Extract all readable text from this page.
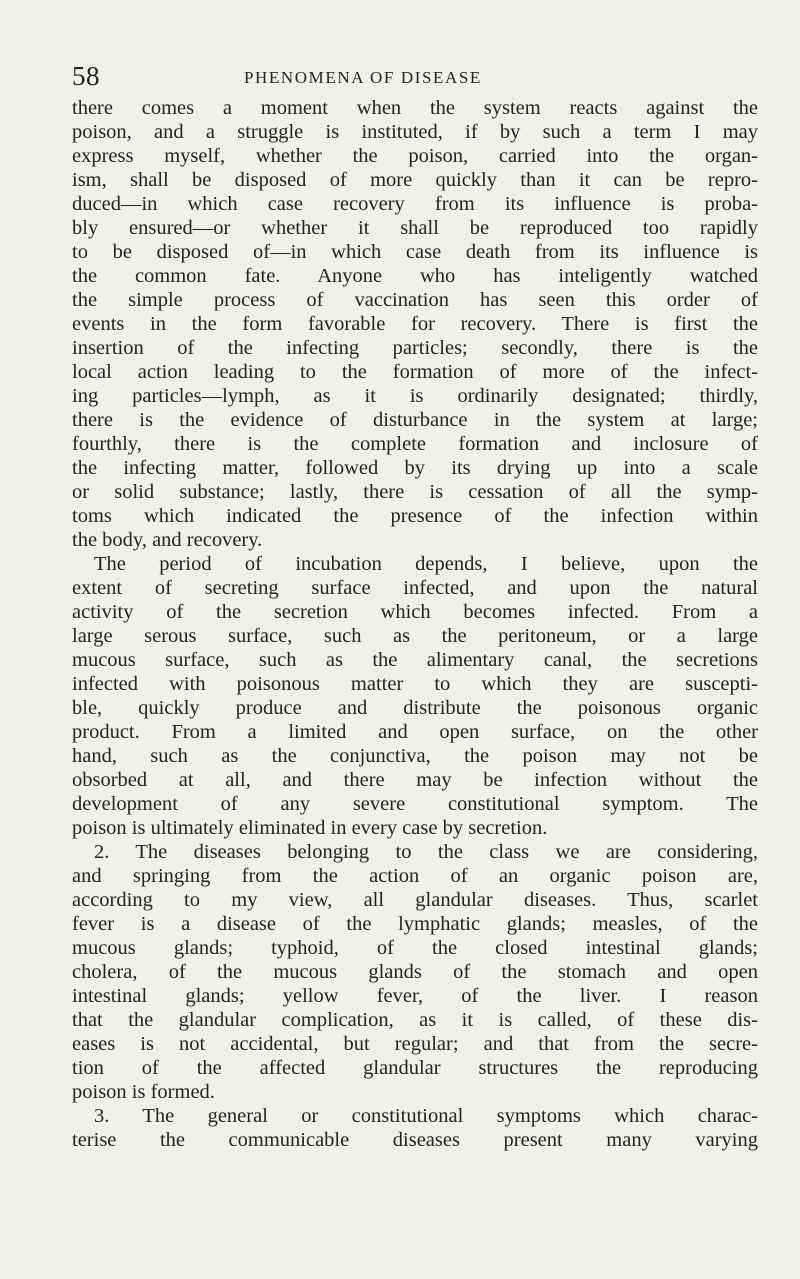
58	PHENOMENA OF DISEASE
there comes a moment when the system reacts against the
poison, and a struggle is instituted, if by such a term I may
express myself, whether the poison, carried into the organ-
ism, shall be disposed of more quickly than it can be repro-
duced—in which case recovery from its influence is proba-
bly ensured—or whether it shall be reproduced too rapidly
to be disposed of—in which case death from its influence is
the common fate. Anyone who has inteligently watched
the simple process of vaccination has seen this order of
events in the form favorable for recovery. There is first the
insertion of the infecting particles; secondly, there is the
local action leading to the formation of more of the infect-
ing particles—lymph, as it is ordinarily designated; thirdly,
there is the evidence of disturbance in the system at large;
fourthly, there is the complete formation and inclosure of
the infecting matter, followed by its drying up into a scale
or solid substance; lastly, there is cessation of all the symp-
toms which indicated the presence of the infection within
the body, and recovery.
The period of incubation depends, I believe, upon the
extent of secreting surface infected, and upon the natural
activity of the secretion which becomes infected. From a
large serous surface, such as the peritoneum, or a large
mucous surface, such as the alimentary canal, the secretions
infected with poisonous matter to which they are suscepti-
ble, quickly produce and distribute the poisonous organic
product. From a limited and open surface, on the other
hand, such as the conjunctiva, the poison may not be
obsorbed at all, and there may be infection without the
development of any severe constitutional symptom. The
poison is ultimately eliminated in every case by secretion.
2. The diseases belonging to the class we are considering,
and springing from the action of an organic poison are,
according to my view, all glandular diseases. Thus, scarlet
fever is a disease of the lymphatic glands; measles, of the
mucous glands; typhoid, of the closed intestinal glands;
cholera, of the mucous glands of the stomach and open
intestinal glands; yellow fever, of the liver. I reason
that the glandular complication, as it is called, of these dis-
eases is not accidental, but regular; and that from the secre-
tion of the affected glandular structures the reproducing
poison is formed.
3. The general or constitutional symptoms which charac-
terise the communicable diseases present many varying
